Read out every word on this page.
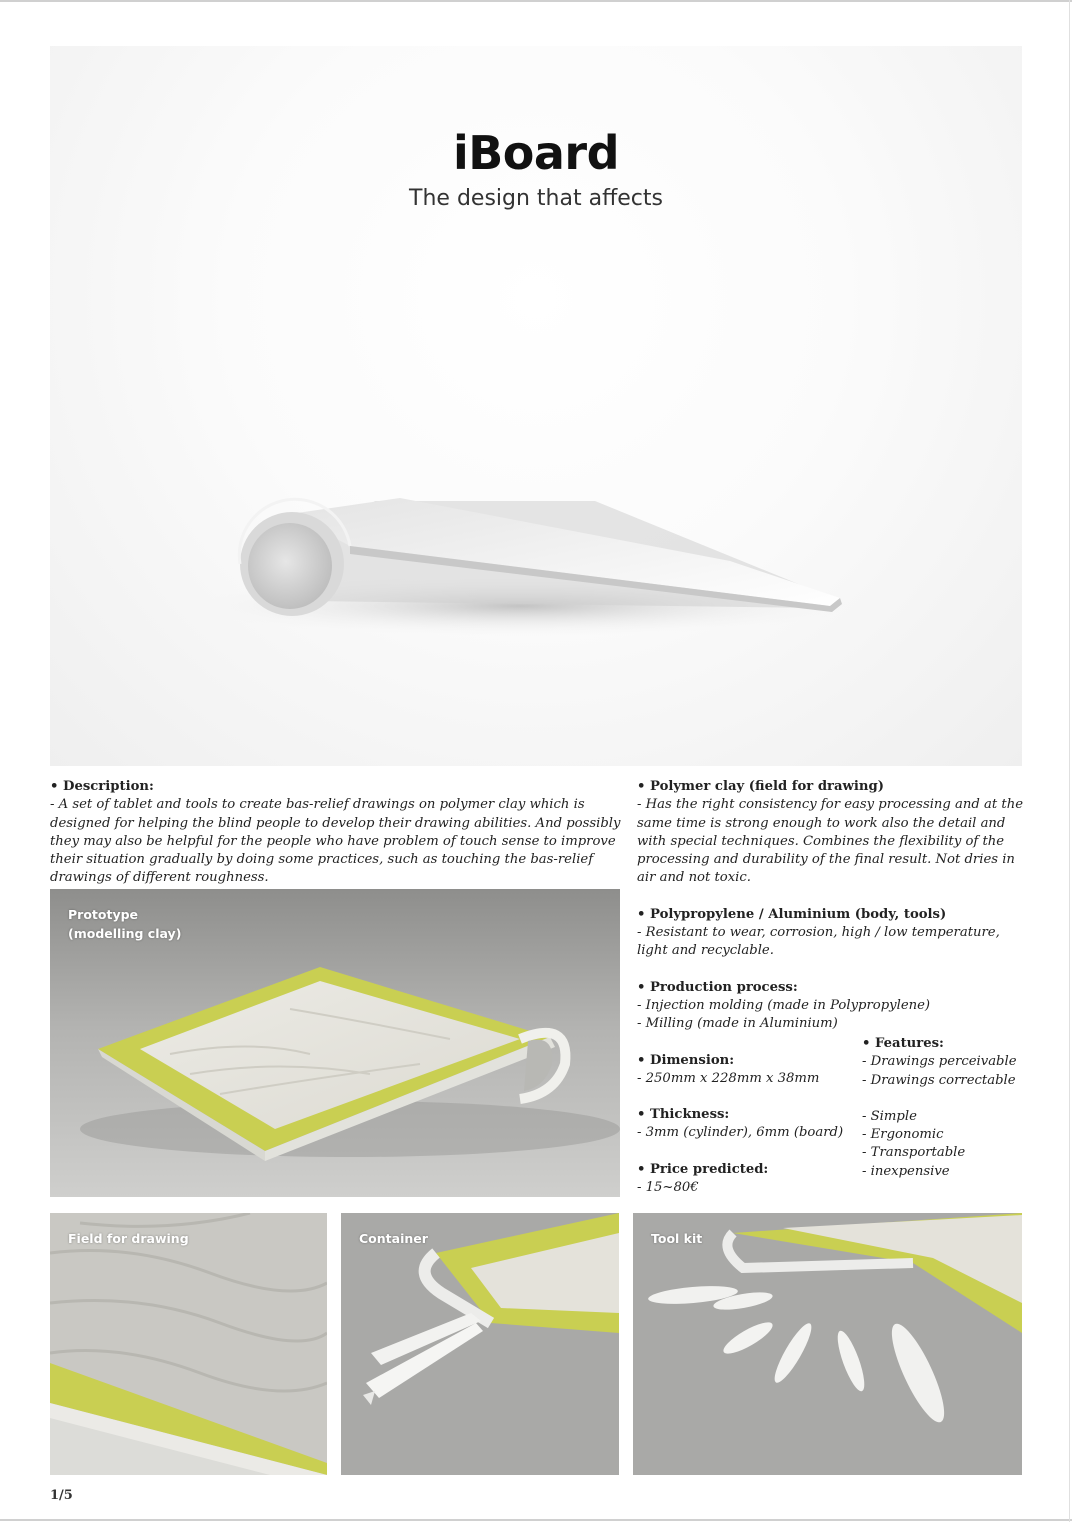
iBoard
The design that affects

• Description:

- A set of tablet and tools to create bas-relief drawings on polymer clay which is designed for helping the blind people to develop their drawing abilities. And possibly they may also be helpful for the people who have problem of touch sense to improve their situation gradually by doing some practices, such as touching the bas-relief drawings of different roughness.

• Polymer clay (field for drawing)

- Has the right consistency for easy processing and at the same time is strong enough to work also the detail and with special techniques. Combines the flexibility of the processing and durability of the final result. Not dries in air and not toxic.

• Polypropylene / Aluminium (body, tools)

- Resistant to wear, corrosion, high / low temperature, light and recyclable.

• Production process:

- Injection molding (made in Polypropylene)
- Milling (made in Aluminium)

• Dimension:

- 250mm x 228mm x 38mm

• Thickness:

- 3mm (cylinder), 6mm (board)

• Price predicted:

- 15~80€

• Features:

- Drawings perceivable
- Drawings correctable
- Simple
- Ergonomic
- Transportable
- inexpensive
Prototype
(modelling clay)
Field for drawing	Container	Tool kit
1/5
